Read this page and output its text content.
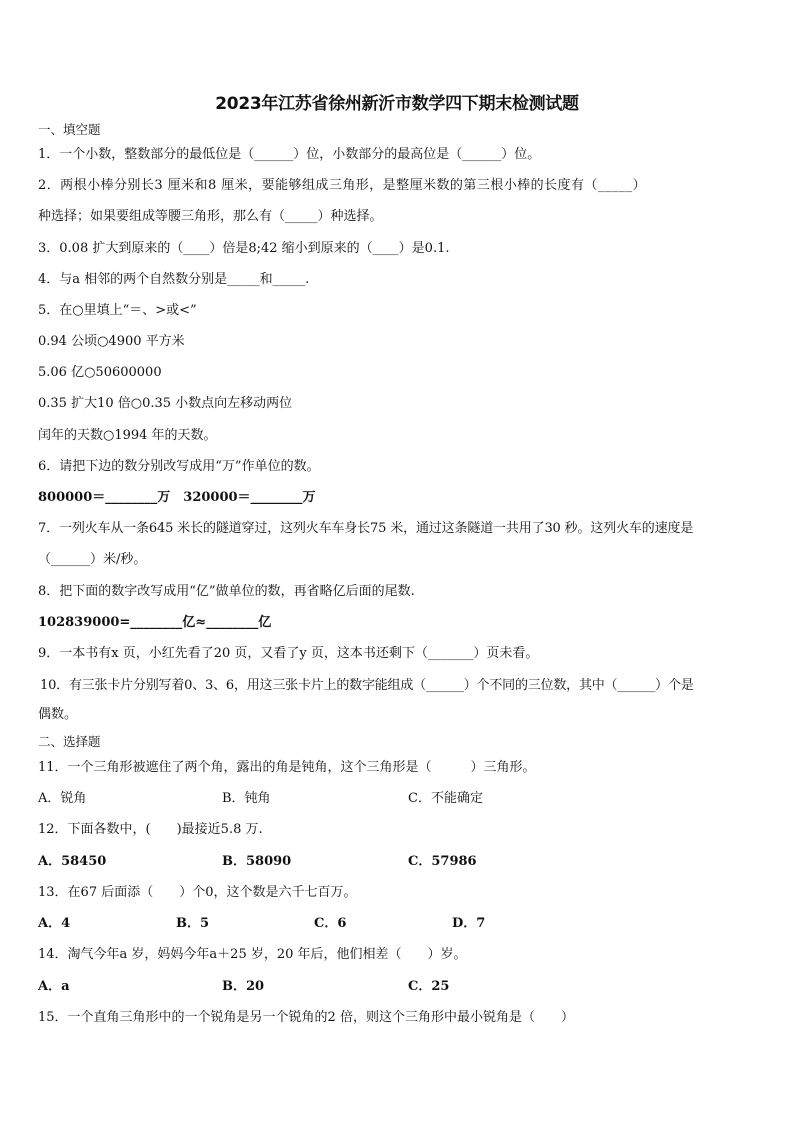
2023年江苏省徐州新沂市数学四下期末检测试题
一、填空题
1．一个小数，整数部分的最低位是（______）位，小数部分的最高位是（______）位。
2．两根小棒分别长3 厘米和8 厘米，要能够组成三角形，是整厘米数的第三根小棒的长度有（_____）
种选择；如果要组成等腰三角形，那么有（_____）种选择。
3．0.08 扩大到原来的（____）倍是8;42 缩小到原来的（____）是0.1.
4．与a 相邻的两个自然数分别是_____和_____.
5．在○里填上“＝、>或<”
0.94 公顷○4900 平方米
5.06 亿○50600000
0.35 扩大10 倍○0.35 小数点向左移动两位
闰年的天数○1994 年的天数。
6．请把下边的数分别改写成用“万”作单位的数。
800000＝________万　320000＝________万
7．一列火车从一条645 米长的隧道穿过，这列火车车身长75 米，通过这条隧道一共用了30 秒。这列火车的速度是
（______）米/秒。
8．把下面的数字改写成用“亿”做单位的数，再省略亿后面的尾数.
102839000=________亿≈________亿
9．一本书有x 页，小红先看了20 页，又看了y 页，这本书还剩下（_______）页未看。
10．有三张卡片分别写着0、3、6，用这三张卡片上的数字能组成（______）个不同的三位数，其中（______）个是
偶数。
二、选择题
11．一个三角形被遮住了两个角，露出的角是钝角，这个三角形是（　　　）三角形。
A．锐角	B．钝角	C．不能确定
12．下面各数中，(　　)最接近5.8 万.
A．58450	B．58090	C．57986
13．在67 后面添（　　）个0，这个数是六千七百万。
A．4	B．5	C．6	D．7
14．淘气今年a 岁，妈妈今年a＋25 岁，20 年后，他们相差（　　）岁。
A．a	B．20	C．25
15．一个直角三角形中的一个锐角是另一个锐角的2 倍，则这个三角形中最小锐角是（　　）
